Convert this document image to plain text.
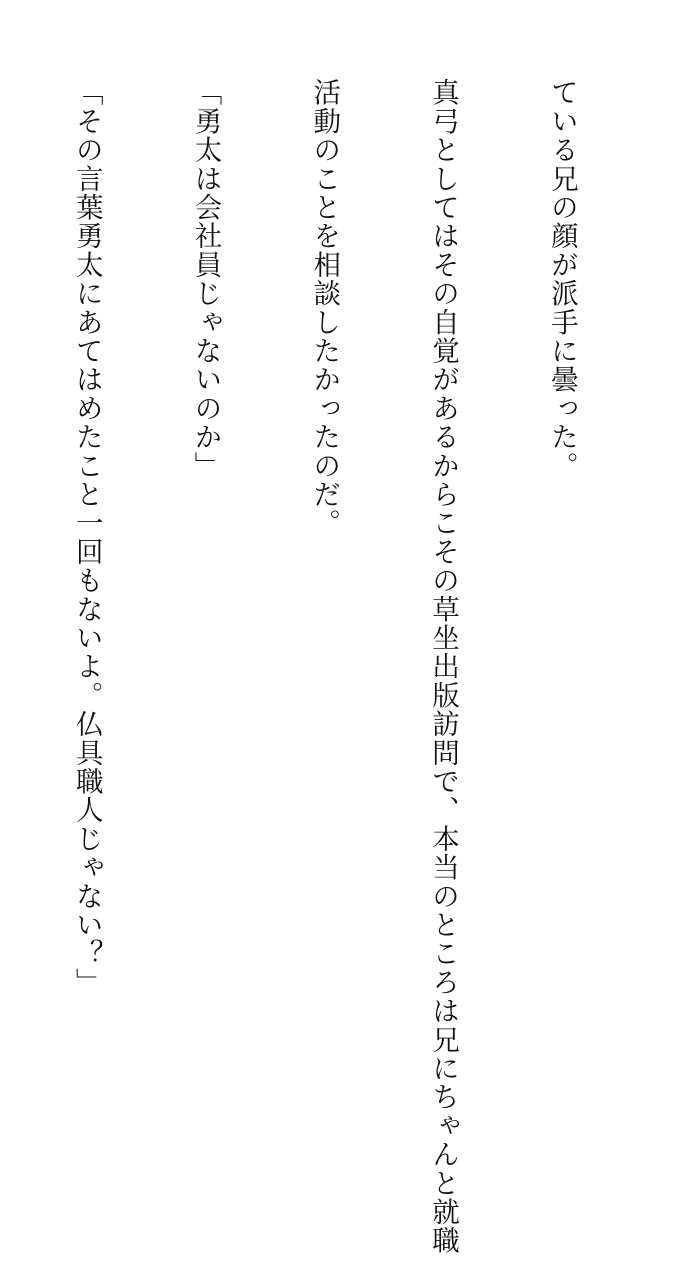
ている兄の顔が派手に曇った。

真弓としてはその自覚があるからこその草坐出版訪問で、本当のところは兄にちゃんと就職

活動のことを相談したかったのだ。

「勇太は会社員じゃないのか」

「その言葉勇太にあてはめたこと一回もないよ。仏具職人じゃない？」
